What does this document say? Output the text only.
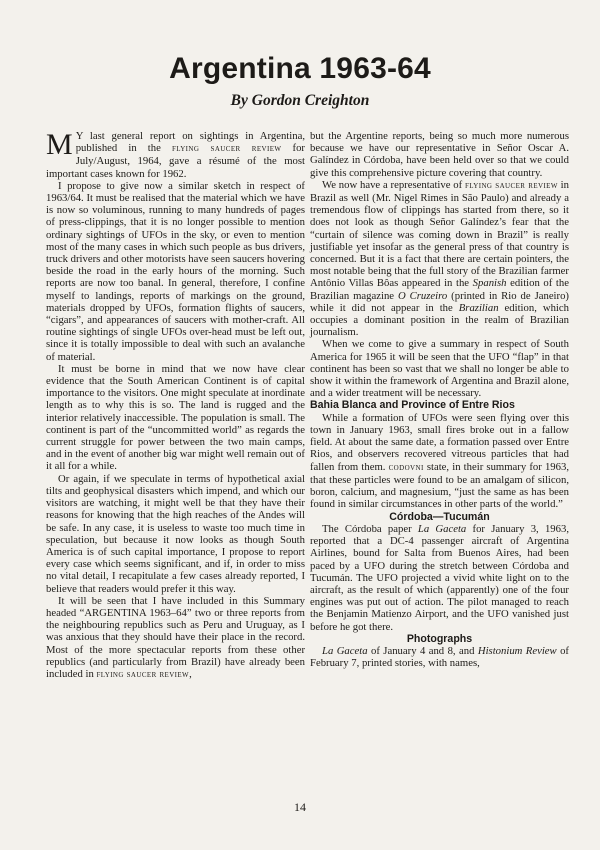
Argentina 1963-64
By Gordon Creighton

M Y last general report on sightings in Argentina, published in the flying saucer review for July/August, 1964, gave a résumé of the most important cases known for 1962.

I propose to give now a similar sketch in respect of 1963/64. It must be realised that the material which we have is now so voluminous, running to many hundreds of pages of press-clippings, that it is no longer possible to mention ordinary sightings of UFOs in the sky, or even to mention most of the many cases in which such people as bus drivers, truck drivers and other motorists have seen saucers hovering beside the road in the early hours of the morning. Such reports are now too banal. In general, therefore, I confine myself to landings, reports of markings on the ground, materials dropped by UFOs, formation flights of saucers, “cigars”, and appearances of saucers with mother-craft. All routine sightings of single UFOs over-head must be left out, since it is totally impossible to deal with such an avalanche of material.

It must be borne in mind that we now have clear evidence that the South American Continent is of capital importance to the visitors. One might speculate at inordinate length as to why this is so. The land is rugged and the interior relatively inaccessible. The population is small. The continent is part of the “uncommitted world” as regards the current struggle for power between the two main camps, and in the event of another big war might well remain out of it all for a while.

Or again, if we speculate in terms of hypothetical axial tilts and geophysical disasters which impend, and which our visitors are watching, it might well be that they have their reasons for knowing that the high reaches of the Andes will be safe. In any case, it is useless to waste too much time in speculation, but because it now looks as though South America is of such capital importance, I propose to report every case which seems significant, and if, in order to miss no vital detail, I recapitulate a few cases already reported, I believe that readers would prefer it this way.

It will be seen that I have included in this Summary headed “ARGENTINA 1963–64” two or three reports from the neighbouring republics such as Peru and Uruguay, as I was anxious that they should have their place in the record. Most of the more spectacular reports from these other republics (and particularly from Brazil) have already been included in flying saucer review,

but the Argentine reports, being so much more numerous because we have our representative in Señor Oscar A. Galíndez in Córdoba, have been held over so that we could give this comprehensive picture covering that country.

We now have a representative of flying saucer review in Brazil as well (Mr. Nigel Rimes in São Paulo) and already a tremendous flow of clippings has started from there, so it does not look as though Señor Galíndez’s fear that the “curtain of silence was coming down in Brazil” is really justifiable yet insofar as the general press of that country is concerned. But it is a fact that there are certain pointers, the most notable being that the full story of the Brazilian farmer Antônio Villas Bôas appeared in the Spanish edition of the Brazilian magazine O Cruzeiro (printed in Rio de Janeiro) while it did not appear in the Brazilian edition, which occupies a dominant position in the realm of Brazilian journalism.

When we come to give a summary in respect of South America for 1965 it will be seen that the UFO “flap” in that continent has been so vast that we shall no longer be able to show it within the framework of Argentina and Brazil alone, and a wider treatment will be necessary.

Bahia Blanca and Province of Entre Rios

While a formation of UFOs were seen flying over this town in January 1963, small fires broke out in a fallow field. At about the same date, a formation passed over Entre Rios, and observers recovered vitreous particles that had fallen from them. codovni state, in their summary for 1963, that these particles were found to be an amalgam of silicon, boron, calcium, and magnesium, “just the same as has been found in similar circumstances in other parts of the world.”

Córdoba—Tucumán

The Córdoba paper La Gaceta for January 3, 1963, reported that a DC-4 passenger aircraft of Argentina Airlines, bound for Salta from Buenos Aires, had been paced by a UFO during the stretch between Córdoba and Tucumán. The UFO projected a vivid white light on to the aircraft, as the result of which (apparently) one of the four engines was put out of action. The pilot managed to reach the Benjamin Matienzo Airport, and the UFO vanished just before he got there.

Photographs

La Gaceta of January 4 and 8, and Histonium Review of February 7, printed stories, with names,

14
